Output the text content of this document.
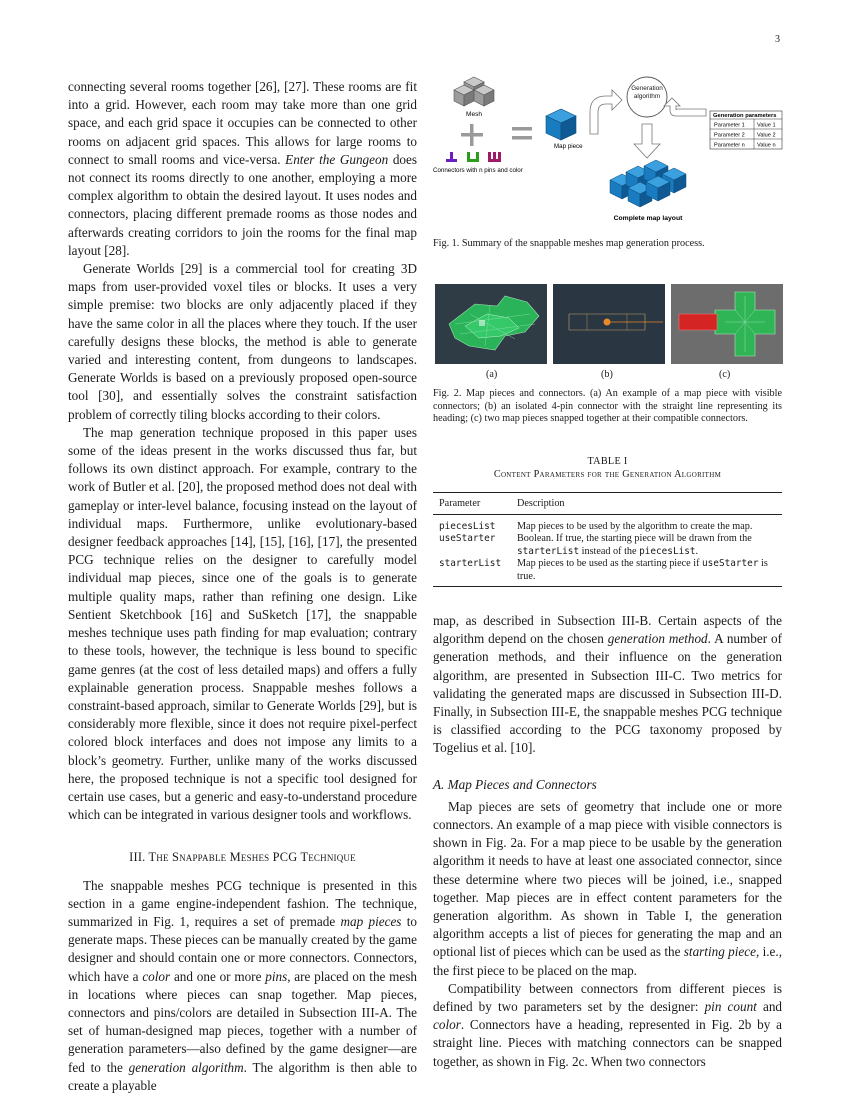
3

connecting several rooms together [26], [27]. These rooms are fit into a grid. However, each room may take more than one grid space, and each grid space it occupies can be connected to other rooms on adjacent grid spaces. This allows for large rooms to connect to small rooms and vice-versa. Enter the Gungeon does not connect its rooms directly to one another, employing a more complex algorithm to obtain the desired layout. It uses nodes and connectors, placing different premade rooms as those nodes and afterwards creating corridors to join the rooms for the final map layout [28].

Generate Worlds [29] is a commercial tool for creating 3D maps from user-provided voxel tiles or blocks. It uses a very simple premise: two blocks are only adjacently placed if they have the same color in all the places where they touch. If the user carefully designs these blocks, the method is able to generate varied and interesting content, from dungeons to landscapes. Generate Worlds is based on a previously proposed open-source tool [30], and essentially solves the constraint satisfaction problem of correctly tiling blocks according to their colors.

The map generation technique proposed in this paper uses some of the ideas present in the works discussed thus far, but follows its own distinct approach. For example, contrary to the work of Butler et al. [20], the proposed method does not deal with gameplay or inter-level balance, focusing instead on the layout of individual maps. Furthermore, unlike evolutionary-based designer feedback approaches [14], [15], [16], [17], the presented PCG technique relies on the designer to carefully model individual map pieces, since one of the goals is to generate multiple quality maps, rather than refining one design. Like Sentient Sketchbook [16] and SuSketch [17], the snappable meshes technique uses path finding for map evaluation; contrary to these tools, however, the technique is less bound to specific game genres (at the cost of less detailed maps) and offers a fully explainable generation process. Snappable meshes follows a constraint-based approach, similar to Generate Worlds [29], but is considerably more flexible, since it does not require pixel-perfect colored block interfaces and does not impose any limits to a block’s geometry. Further, unlike many of the works discussed here, the proposed technique is not a specific tool designed for certain use cases, but a generic and easy-to-understand procedure which can be integrated in various designer tools and workflows.

III. The Snappable Meshes PCG Technique

The snappable meshes PCG technique is presented in this section in a game engine-independent fashion. The technique, summarized in Fig. 1, requires a set of premade map pieces to generate maps. These pieces can be manually created by the game designer and should contain one or more connectors. Connectors, which have a color and one or more pins, are placed on the mesh in locations where pieces can snap together. Map pieces, connectors and pins/colors are detailed in Subsection III-A. The set of human-designed map pieces, together with a number of generation parameters—also defined by the game designer—are fed to the generation algorithm. The algorithm is then able to create a playable

Mesh
Connectors with n pins and color
Map piece
Generation algorithm
Generation parameters
Parameter 1 Value 1
Parameter 2 Value 2
Parameter n Value n
Complete map layout
Fig. 1. Summary of the snappable meshes map generation process.
(a)	(b)	(c)
Fig. 2. Map pieces and connectors. (a) An example of a map piece with visible connectors; (b) an isolated 4-pin connector with the straight line representing its heading; (c) two map pieces snapped together at their compatible connectors.
TABLE I
Content Parameters for the Generation Algorithm
Parameter	Description
piecesList	Map pieces to be used by the algorithm to create the map.
useStarter	Boolean. If true, the starting piece will be drawn from the starterList instead of the piecesList.
starterList	Map pieces to be used as the starting piece if useStarter is true.

map, as described in Subsection III-B. Certain aspects of the algorithm depend on the chosen generation method. A number of generation methods, and their influence on the generation algorithm, are presented in Subsection III-C. Two metrics for validating the generated maps are discussed in Subsection III-D. Finally, in Subsection III-E, the snappable meshes PCG technique is classified according to the PCG taxonomy proposed by Togelius et al. [10].

A. Map Pieces and Connectors

Map pieces are sets of geometry that include one or more connectors. An example of a map piece with visible connectors is shown in Fig. 2a. For a map piece to be usable by the generation algorithm it needs to have at least one associated connector, since these determine where two pieces will be joined, i.e., snapped together. Map pieces are in effect content parameters for the generation algorithm. As shown in Table I, the generation algorithm accepts a list of pieces for generating the map and an optional list of pieces which can be used as the starting piece, i.e., the first piece to be placed on the map.

Compatibility between connectors from different pieces is defined by two parameters set by the designer: pin count and color. Connectors have a heading, represented in Fig. 2b by a straight line. Pieces with matching connectors can be snapped together, as shown in Fig. 2c. When two connectors
